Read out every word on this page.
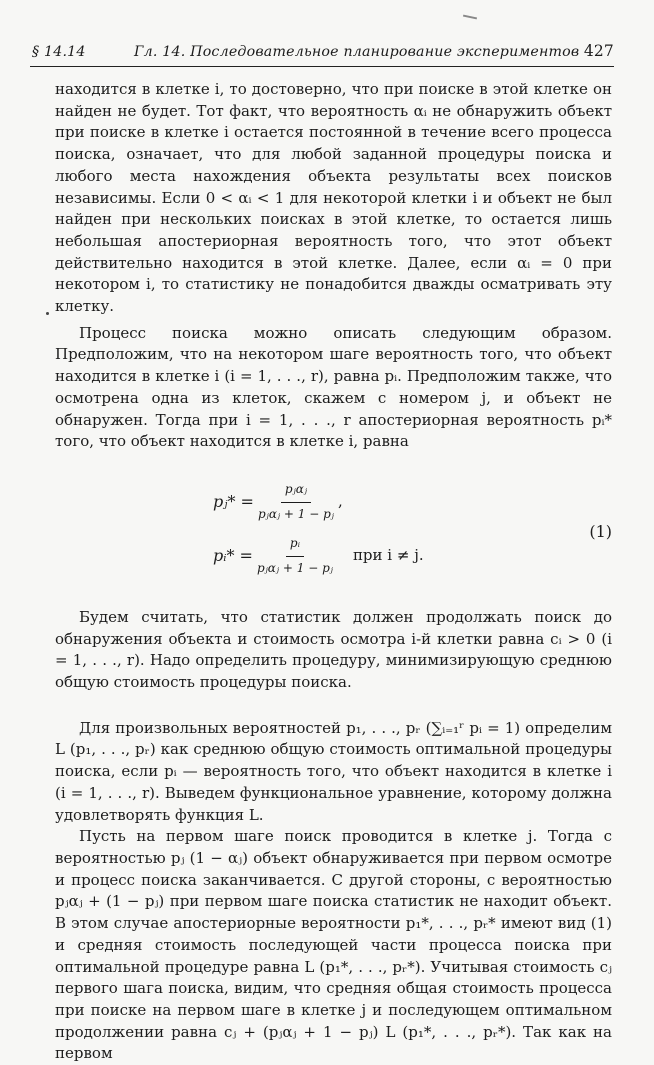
§ 14.14	Гл. 14. Последовательное планирование экспериментов 427

находится в клетке i, то достоверно, что при поиске в этой клетке он найден не будет. Тот факт, что вероятность αᵢ не обнаружить объект при поиске в клетке i остается постоянной в течение всего процесса поиска, означает, что для любой заданной процедуры поиска и любого места нахождения объекта результаты всех поисков независимы. Если 0 < αᵢ < 1 для некоторой клетки i и объект не был найден при нескольких поисках в этой клетке, то остается лишь небольшая апостериорная вероятность того, что этот объект действительно находится в этой клетке. Далее, если αᵢ = 0 при некотором i, то статистику не понадобится дважды осматривать эту клетку.

Процесс поиска можно описать следующим образом. Предположим, что на некотором шаге вероятность того, что объект находится в клетке i (i = 1, . . ., r), равна pᵢ. Предположим также, что осмотрена одна из клеток, скажем с номером j, и объект не обнаружен. Тогда при i = 1, . . ., r апостериорная вероятность pᵢ* того, что объект находится в клетке i, равна

pⱼ* = $\frac{\text{pⱼαⱼ}}{\text{pⱼαⱼ + 1 − pⱼ}}$ ,
pᵢ* = $\frac{\text{pᵢ}}{\text{pⱼαⱼ + 1 − pⱼ}}$ при i ≠ j.
(1)

Будем считать, что статистик должен продолжать поиск до обнаружения объекта и стоимость осмотра i-й клетки равна cᵢ > 0 (i = 1, . . ., r). Надо определить процедуру, минимизирующую среднюю общую стоимость процедуры поиска.

Для произвольных вероятностей p₁, . . ., pᵣ (∑ᵢ₌₁ʳ pᵢ = 1) определим L (p₁, . . ., pᵣ) как среднюю общую стоимость оптимальной процедуры поиска, если pᵢ — вероятность того, что объект находится в клетке i (i = 1, . . ., r). Выведем функциональное уравнение, которому должна удовлетворять функция L.

Пусть на первом шаге поиск проводится в клетке j. Тогда с вероятностью pⱼ (1 − αⱼ) объект обнаруживается при первом осмотре и процесс поиска заканчивается. С другой стороны, с вероятностью pⱼαⱼ + (1 − pⱼ) при первом шаге поиска статистик не находит объект. В этом случае апостериорные вероятности p₁*, . . ., pᵣ* имеют вид (1) и средняя стоимость последующей части процесса поиска при оптимальной процедуре равна L (p₁*, . . ., pᵣ*). Учитывая стоимость cⱼ первого шага поиска, видим, что средняя общая стоимость процесса при поиске на первом шаге в клетке j и последующем оптимальном продолжении равна cⱼ + (pⱼαⱼ + 1 − pⱼ) L (p₁*, . . ., pᵣ*). Так как на первом
